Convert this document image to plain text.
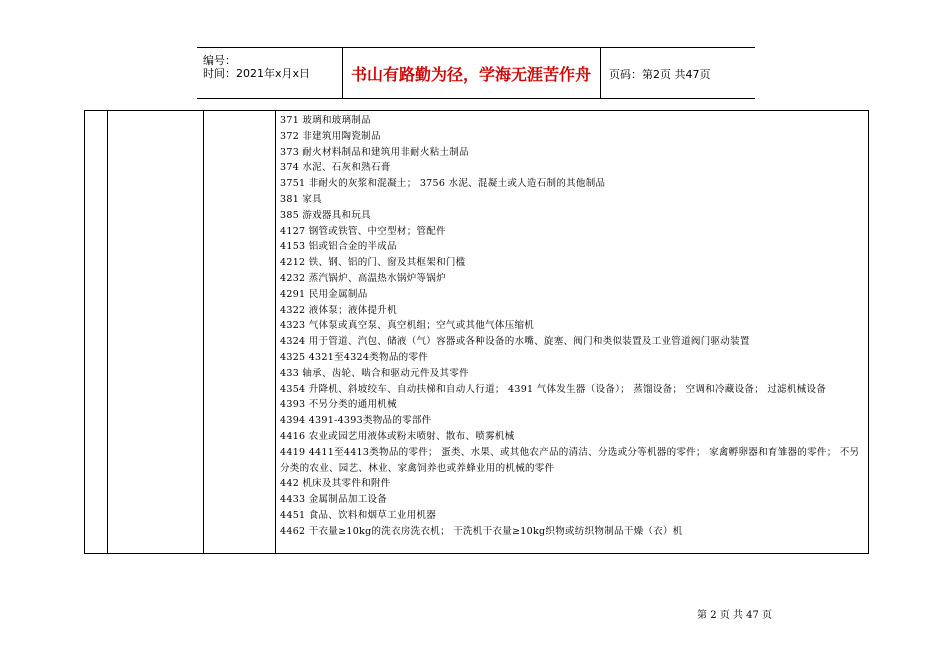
编号：
时间：2021年x月x日	书山有路勤为径，学海无涯苦作舟	页码：第2页 共47页
371 玻璃和玻璃制品
372 非建筑用陶瓷制品
373 耐火材料制品和建筑用非耐火粘土制品
374 水泥、石灰和熟石膏
3751 非耐火的灰浆和混凝土； 3756 水泥、混凝土或人造石制的其他制品
381 家具
385 游戏器具和玩具
4127 钢管或铁管、中空型材；管配件
4153 铝或铝合金的半成品
4212 铁、钢、铝的门、窗及其框架和门槛
4232 蒸汽锅炉、高温热水锅炉等锅炉
4291 民用金属制品
4322 液体泵；液体提升机
4323 气体泵或真空泵、真空机组；空气或其他气体压缩机
4324 用于管道、汽包、储液（气）容器或各种设备的水嘴、旋塞、阀门和类似装置及工业管道阀门驱动装置
4325 4321至4324类物品的零件
433 轴承、齿轮、啮合和驱动元件及其零件
4354 升降机、斜坡绞车、自动扶梯和自动人行道； 4391 气体发生器（设备）； 蒸馏设备； 空调和冷藏设备； 过滤机械设备
4393 不另分类的通用机械
4394 4391-4393类物品的零部件
4416 农业或园艺用液体或粉末喷射、散布、喷雾机械
4419 4411至4413类物品的零件； 蛋类、水果、或其他农产品的清洁、分选或分等机器的零件； 家禽孵卵器和育雏器的零件； 不另分类的农业、园艺、林业、家禽饲养也或养蜂业用的机械的零件
442 机床及其零件和附件
4433 金属制品加工设备
4451 食品、饮料和烟草工业用机器
4462 干衣量≥10kg的洗衣房洗衣机； 干洗机干衣量≥10kg织物或纺织物制品干燥（衣）机
第 2 页 共 47 页
